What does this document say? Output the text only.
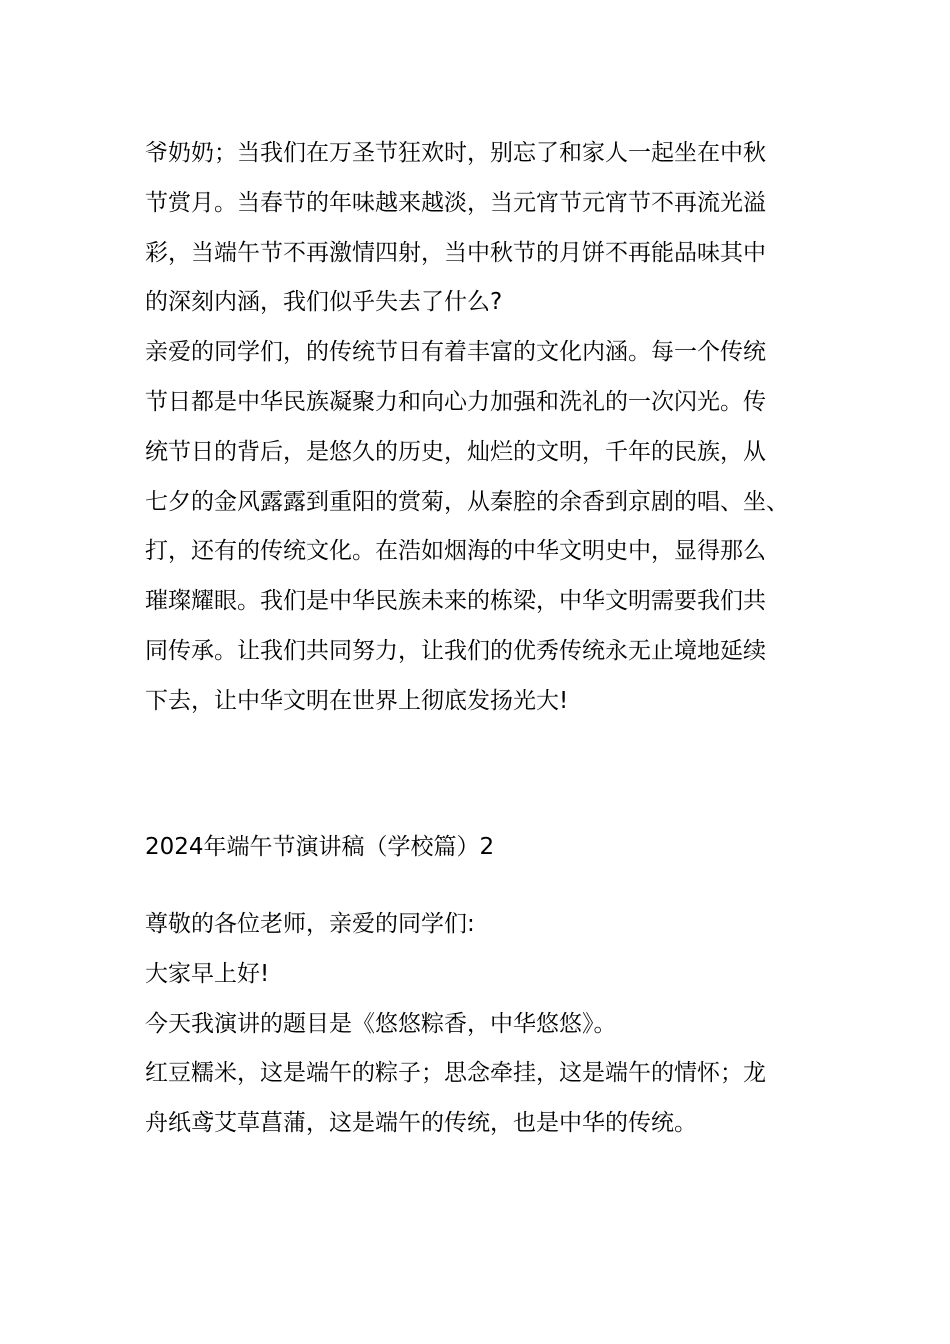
爷奶奶；当我们在万圣节狂欢时，别忘了和家人一起坐在中秋
节赏月。当春节的年味越来越淡，当元宵节元宵节不再流光溢
彩，当端午节不再激情四射，当中秋节的月饼不再能品味其中
的深刻内涵，我们似乎失去了什么?
亲爱的同学们，的传统节日有着丰富的文化内涵。每一个传统
节日都是中华民族凝聚力和向心力加强和洗礼的一次闪光。传
统节日的背后，是悠久的历史，灿烂的文明，千年的民族，从
七夕的金风露露到重阳的赏菊，从秦腔的余香到京剧的唱、坐、
打，还有的传统文化。在浩如烟海的中华文明史中，显得那么
璀璨耀眼。我们是中华民族未来的栋梁，中华文明需要我们共
同传承。让我们共同努力，让我们的优秀传统永无止境地延续
下去，让中华文明在世界上彻底发扬光大!
2024年端午节演讲稿（学校篇）2
尊敬的各位老师，亲爱的同学们:
大家早上好!
今天我演讲的题目是《悠悠粽香，中华悠悠》。
红豆糯米，这是端午的粽子；思念牵挂，这是端午的情怀；龙
舟纸鸢艾草菖蒲，这是端午的传统，也是中华的传统。
